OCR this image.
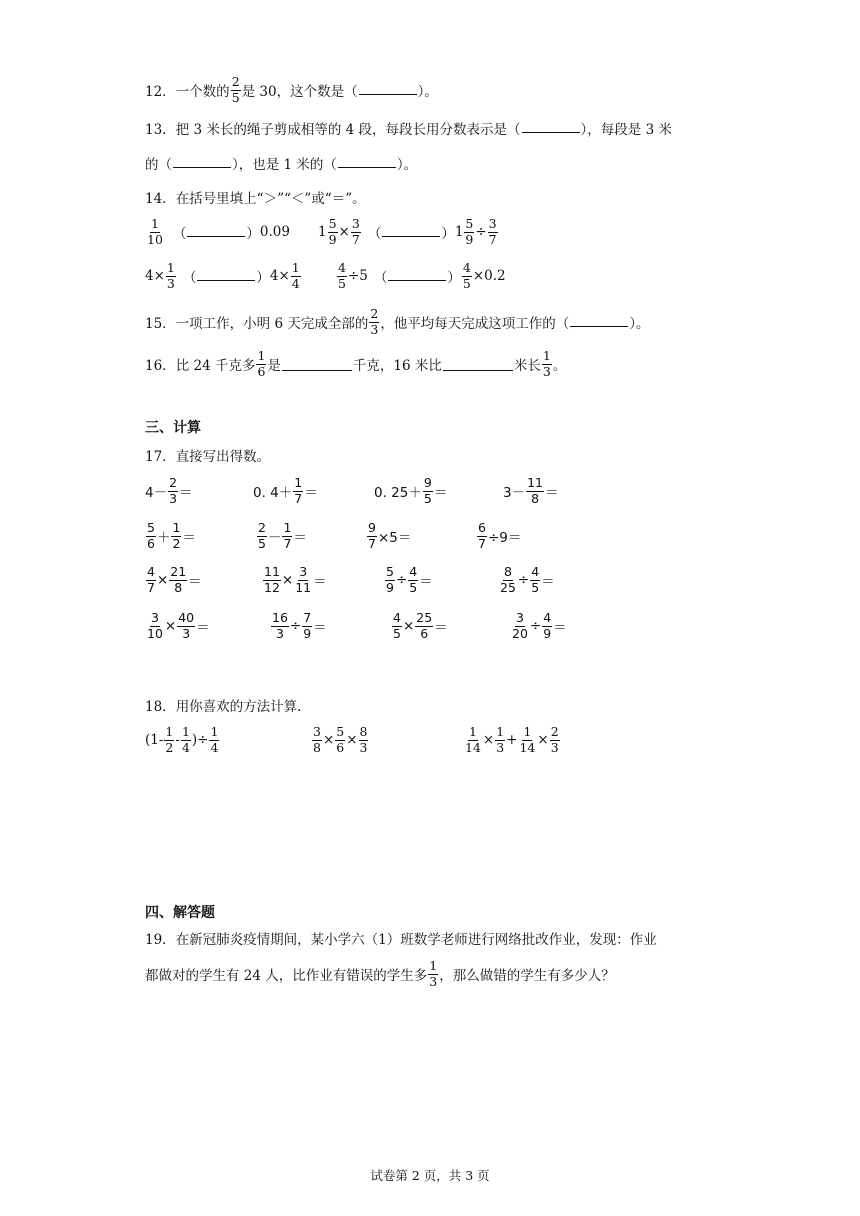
12． 一个数的 $\frac{2}{5}$ 是 30，这个数是（	）。
13． 把 3 米长的绳子剪成相等的 4 段，每段长用分数表示是（	），每段是 3 米
的（	），也是 1 米的（	）。
14． 在括号里填上“＞”“＜”或“＝”。
$\frac{1}{10}$ （	） 0.09 $1 \frac{5}{9} \times \frac{3}{7}$ （	） $1 \frac{5}{9} \div \frac{3}{7}$
$4\times \frac{1}{3}$ （	） $4\times \frac{1}{4}$	$\frac{4}{5} \div 5$ （	） $\frac{4}{5} \times 0.2$
15． 一项工作，小明 6 天完成全部的 $\frac{2}{3}$ ，他平均每天完成这项工作的（	）。
16． 比 24 千克多 $\frac{1}{6}$ 是	千克，16 米比	米长 $\frac{1}{3}$ 。
三、计算
17． 直接写出得数。
$4- \frac{2}{3}$ ＝	0. $4+ \frac{1}{7}$ ＝	0. $25+ \frac{9}{5}$ ＝	$3- \frac{11}{8}$ ＝
$\frac{5}{6} + \frac{1}{2}$ ＝	$\frac{2}{5} - \frac{1}{7}$ ＝	$\frac{9}{7} \times 5=$	$\frac{6}{7} \div 9=$
$\frac{4}{7} \times \frac{21}{8}$ ＝	$\frac{11}{12} \times \frac{3}{11}$ ＝	$\frac{5}{9} \div \frac{4}{5}$ ＝	$\frac{8}{25} \div \frac{4}{5}$ ＝
$\frac{3}{10} \times \frac{40}{3}$ ＝	$\frac{16}{3} \div \frac{7}{9}$ ＝	$\frac{4}{5} \times \frac{25}{6}$ ＝	$\frac{3}{20} \div \frac{4}{9}$ ＝
18． 用你喜欢的方法计算.
($1- \frac{1}{2} - \frac{1}{4}$ )÷ $\frac{1}{4}$	$\frac{3}{8} \times \frac{5}{6} \times \frac{8}{3}$	$\frac{1}{14} \times \frac{1}{3} + \frac{1}{14} \times \frac{2}{3}$
四、解答题
19． 在新冠肺炎疫情期间，某小学六（1）班数学老师进行网络批改作业，发现：作业
都做对的学生有 24 人，比作业有错误的学生多 $\frac{1}{3}$ ，那么做错的学生有多少人？
试卷第 2 页，共 3 页
